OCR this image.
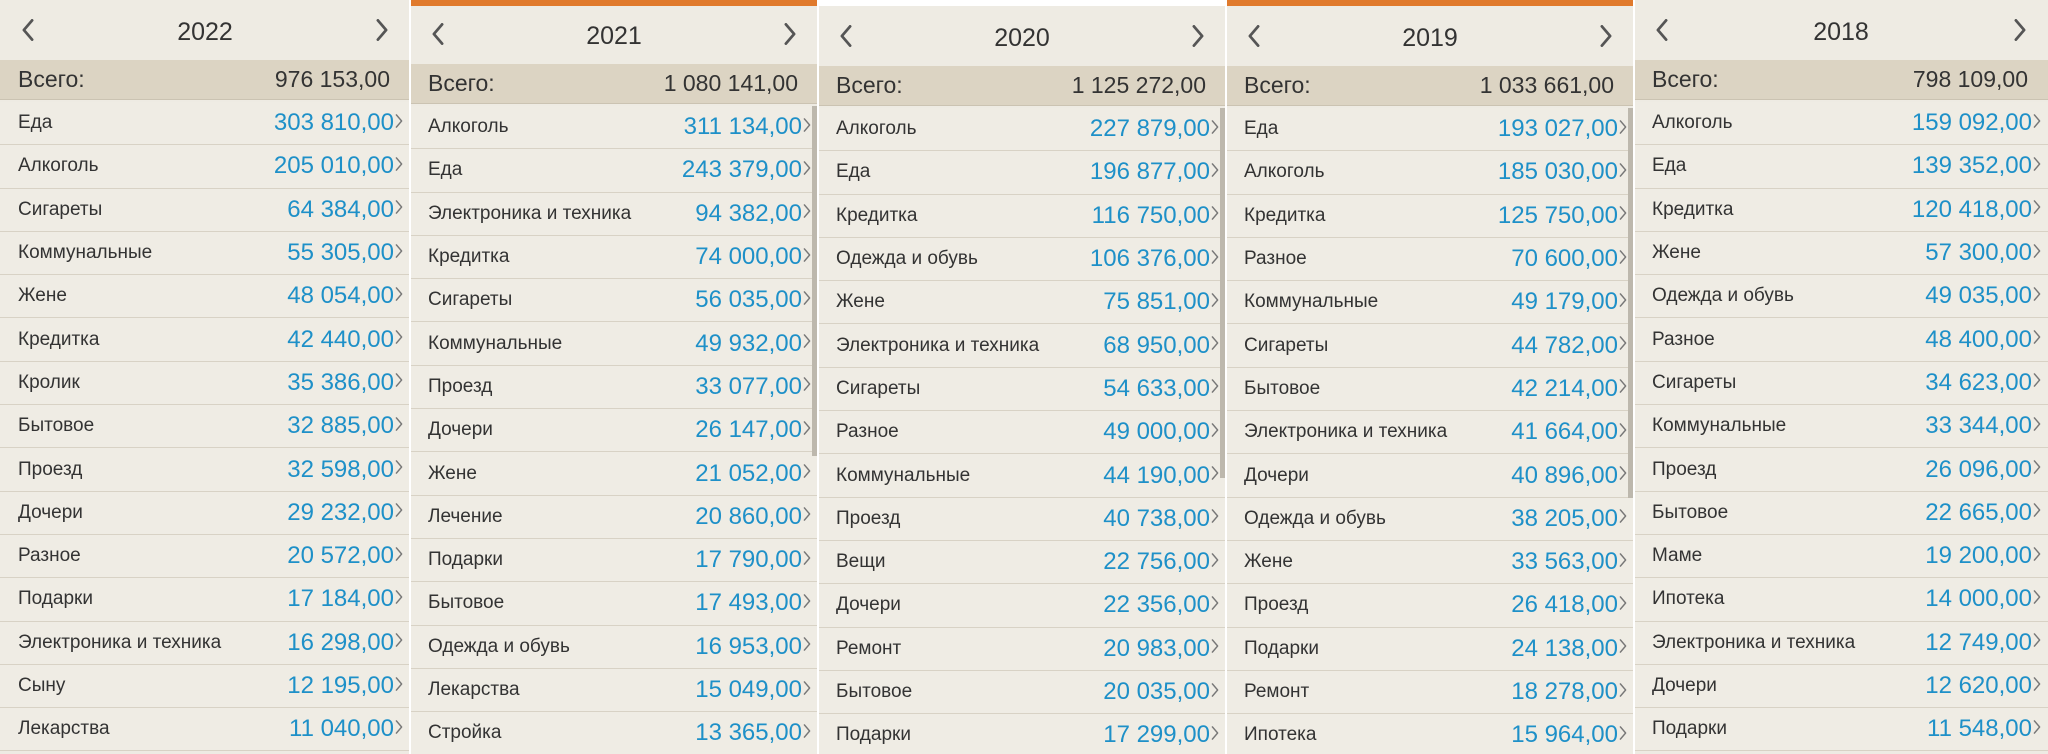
2022
Всего:	976 153,00
Еда	303 810,00
Алкоголь	205 010,00
Сигареты	64 384,00
Коммунальные	55 305,00
Жене	48 054,00
Кредитка	42 440,00
Кролик	35 386,00
Бытовое	32 885,00
Проезд	32 598,00
Дочери	29 232,00
Разное	20 572,00
Подарки	17 184,00
Электроника и техника	16 298,00
Сыну	12 195,00
Лекарства	11 040,00
2021
Всего:	1 080 141,00
Алкоголь	311 134,00
Еда	243 379,00
Электроника и техника	94 382,00
Кредитка	74 000,00
Сигареты	56 035,00
Коммунальные	49 932,00
Проезд	33 077,00
Дочери	26 147,00
Жене	21 052,00
Лечение	20 860,00
Подарки	17 790,00
Бытовое	17 493,00
Одежда и обувь	16 953,00
Лекарства	15 049,00
Стройка	13 365,00
2020
Всего:	1 125 272,00
Алкоголь	227 879,00
Еда	196 877,00
Кредитка	116 750,00
Одежда и обувь	106 376,00
Жене	75 851,00
Электроника и техника	68 950,00
Сигареты	54 633,00
Разное	49 000,00
Коммунальные	44 190,00
Проезд	40 738,00
Вещи	22 756,00
Дочери	22 356,00
Ремонт	20 983,00
Бытовое	20 035,00
Подарки	17 299,00
2019
Всего:	1 033 661,00
Еда	193 027,00
Алкоголь	185 030,00
Кредитка	125 750,00
Разное	70 600,00
Коммунальные	49 179,00
Сигареты	44 782,00
Бытовое	42 214,00
Электроника и техника	41 664,00
Дочери	40 896,00
Одежда и обувь	38 205,00
Жене	33 563,00
Проезд	26 418,00
Подарки	24 138,00
Ремонт	18 278,00
Ипотека	15 964,00
2018
Всего:	798 109,00
Алкоголь	159 092,00
Еда	139 352,00
Кредитка	120 418,00
Жене	57 300,00
Одежда и обувь	49 035,00
Разное	48 400,00
Сигареты	34 623,00
Коммунальные	33 344,00
Проезд	26 096,00
Бытовое	22 665,00
Маме	19 200,00
Ипотека	14 000,00
Электроника и техника	12 749,00
Дочери	12 620,00
Подарки	11 548,00
